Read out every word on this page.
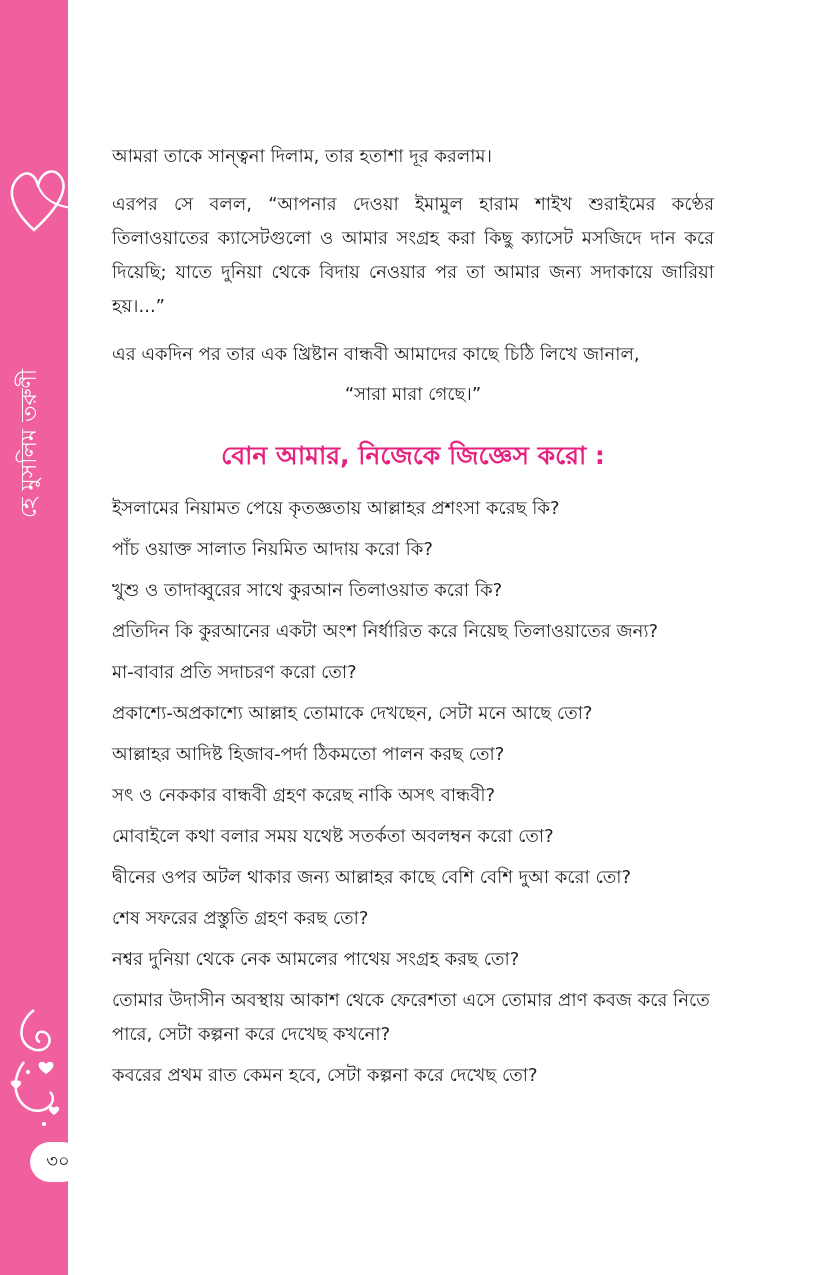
হে মুসলিম তরুণী
৩০

আমরা তাকে সান্ত্বনা দিলাম, তার হতাশা দূর করলাম।

এরপর সে বলল, “আপনার দেওয়া ইমামুল হারাম শাইখ শুরাইমের কণ্ঠের তিলাওয়াতের ক্যাসেটগুলো ও আমার সংগ্রহ করা কিছু ক্যাসেট মসজিদে দান করে দিয়েছি; যাতে দুনিয়া থেকে বিদায় নেওয়ার পর তা আমার জন্য সদাকায়ে জারিয়া হয়।...”

এর একদিন পর তার এক খ্রিষ্টান বান্ধবী আমাদের কাছে চিঠি লিখে জানাল,

“সারা মারা গেছে।”

বোন আমার, নিজেকে জিজ্ঞেস করো :
ইসলামের নিয়ামত পেয়ে কৃতজ্ঞতায় আল্লাহর প্রশংসা করেছ কি?
পাঁচ ওয়াক্ত সালাত নিয়মিত আদায় করো কি?
খুশু ও তাদাব্বুরের সাথে কুরআন তিলাওয়াত করো কি?
প্রতিদিন কি কুরআনের একটা অংশ নির্ধারিত করে নিয়েছ তিলাওয়াতের জন্য?
মা-বাবার প্রতি সদাচরণ করো তো?
প্রকাশ্যে-অপ্রকাশ্যে আল্লাহ তোমাকে দেখছেন, সেটা মনে আছে তো?
আল্লাহর আদিষ্ট হিজাব-পর্দা ঠিকমতো পালন করছ তো?
সৎ ও নেককার বান্ধবী গ্রহণ করেছ নাকি অসৎ বান্ধবী?
মোবাইলে কথা বলার সময় যথেষ্ট সতর্কতা অবলম্বন করো তো?
দ্বীনের ওপর অটল থাকার জন্য আল্লাহর কাছে বেশি বেশি দুআ করো তো?
শেষ সফরের প্রস্তুতি গ্রহণ করছ তো?
নশ্বর দুনিয়া থেকে নেক আমলের পাথেয় সংগ্রহ করছ তো?
তোমার উদাসীন অবস্থায় আকাশ থেকে ফেরেশতা এসে তোমার প্রাণ কবজ করে নিতে পারে, সেটা কল্পনা করে দেখেছ কখনো?
কবরের প্রথম রাত কেমন হবে, সেটা কল্পনা করে দেখেছ তো?
